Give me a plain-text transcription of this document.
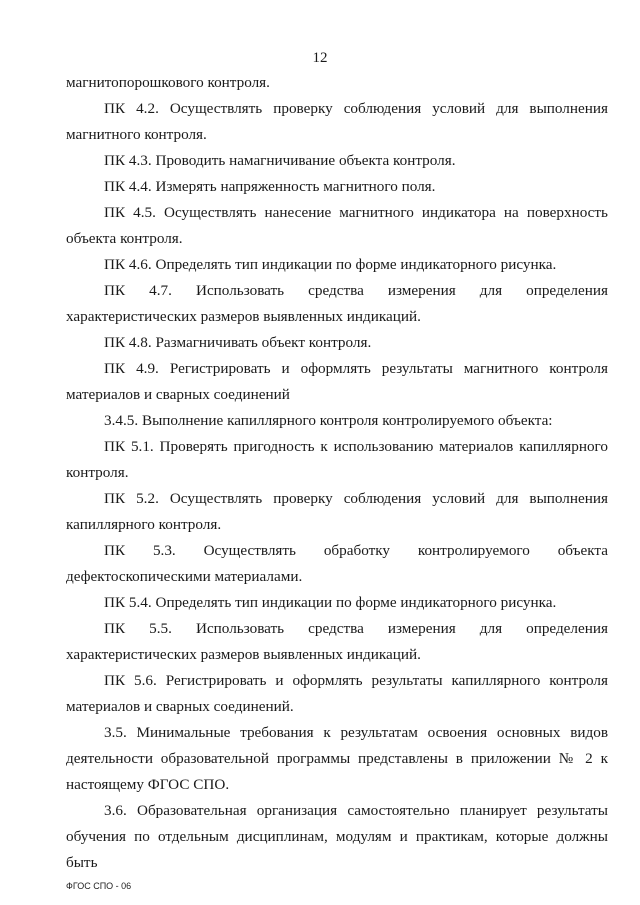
12

магнитопорошкового контроля.

ПК 4.2. Осуществлять проверку соблюдения условий для выполнения магнитного контроля.

ПК 4.3. Проводить намагничивание объекта контроля.

ПК 4.4. Измерять напряженность магнитного поля.

ПК 4.5. Осуществлять нанесение магнитного индикатора на поверхность объекта контроля.

ПК 4.6. Определять тип индикации по форме индикаторного рисунка.

ПК 4.7. Использовать средства измерения для определения характеристических размеров выявленных индикаций.

ПК 4.8. Размагничивать объект контроля.

ПК 4.9. Регистрировать и оформлять результаты магнитного контроля материалов и сварных соединений

3.4.5. Выполнение капиллярного контроля контролируемого объекта:

ПК 5.1. Проверять пригодность к использованию материалов капиллярного контроля.

ПК 5.2. Осуществлять проверку соблюдения условий для выполнения капиллярного контроля.

ПК 5.3. Осуществлять обработку контролируемого объекта дефектоскопическими материалами.

ПК 5.4. Определять тип индикации по форме индикаторного рисунка.

ПК 5.5. Использовать средства измерения для определения характеристических размеров выявленных индикаций.

ПК 5.6. Регистрировать и оформлять результаты капиллярного контроля материалов и сварных соединений.

3.5. Минимальные требования к результатам освоения основных видов деятельности образовательной программы представлены в приложении № 2 к настоящему ФГОС СПО.

3.6. Образовательная организация самостоятельно планирует результаты обучения по отдельным дисциплинам, модулям и практикам, которые должны быть

ФГОС СПО - 06
